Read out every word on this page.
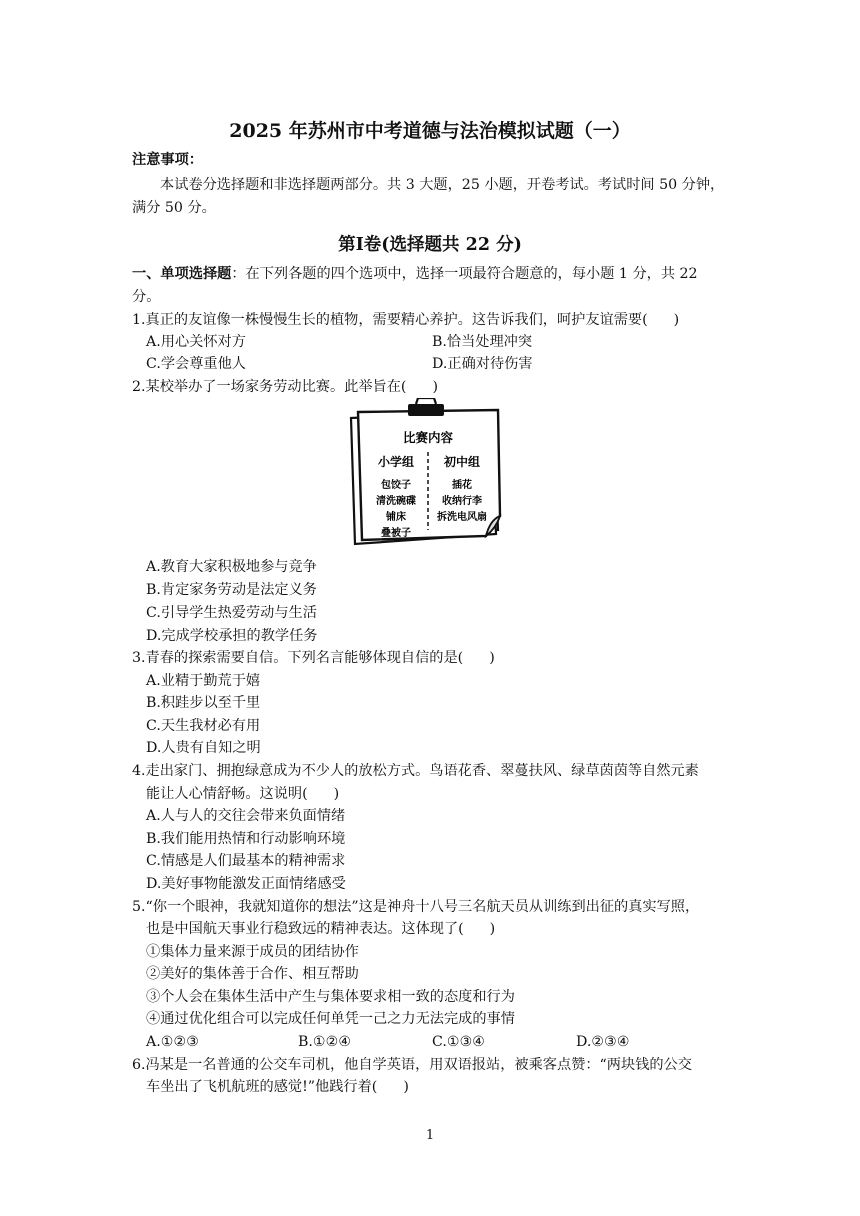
2025 年苏州市中考道德与法治模拟试题（一）
注意事项：
本试卷分选择题和非选择题两部分。共 3 大题，25 小题，开卷考试。考试时间 50 分钟，
满分 50 分。
第Ⅰ卷(选择题共 22 分)
一、单项选择题：在下列各题的四个选项中，选择一项最符合题意的，每小题 1 分，共 22
分。
1.真正的友谊像一株慢慢生长的植物，需要精心养护。这告诉我们，呵护友谊需要( )
A.用心关怀对方	B.恰当处理冲突
C.学会尊重他人	D.正确对待伤害
2.某校举办了一场家务劳动比赛。此举旨在( )
比赛内容
小学组 初中组
包饺子
清洗碗碟
铺床
叠被子
插花
收纳行李
拆洗电风扇
A.教育大家积极地参与竞争
B.肯定家务劳动是法定义务
C.引导学生热爱劳动与生活
D.完成学校承担的教学任务
3.青春的探索需要自信。下列名言能够体现自信的是( )
A.业精于勤荒于嬉
B.积跬步以至千里
C.天生我材必有用
D.人贵有自知之明
4.走出家门、拥抱绿意成为不少人的放松方式。鸟语花香、翠蔓扶风、绿草茵茵等自然元素
能让人心情舒畅。这说明( )
A.人与人的交往会带来负面情绪
B.我们能用热情和行动影响环境
C.情感是人们最基本的精神需求
D.美好事物能激发正面情绪感受
5.“你一个眼神，我就知道你的想法”这是神舟十八号三名航天员从训练到出征的真实写照，
也是中国航天事业行稳致远的精神表达。这体现了( )
①集体力量来源于成员的团结协作
②美好的集体善于合作、相互帮助
③个人会在集体生活中产生与集体要求相一致的态度和行为
④通过优化组合可以完成任何单凭一己之力无法完成的事情
A.①②③	B.①②④	C.①③④	D.②③④
6.冯某是一名普通的公交车司机，他自学英语，用双语报站，被乘客点赞：“两块钱的公交
车坐出了飞机航班的感觉!”他践行着( )
1
